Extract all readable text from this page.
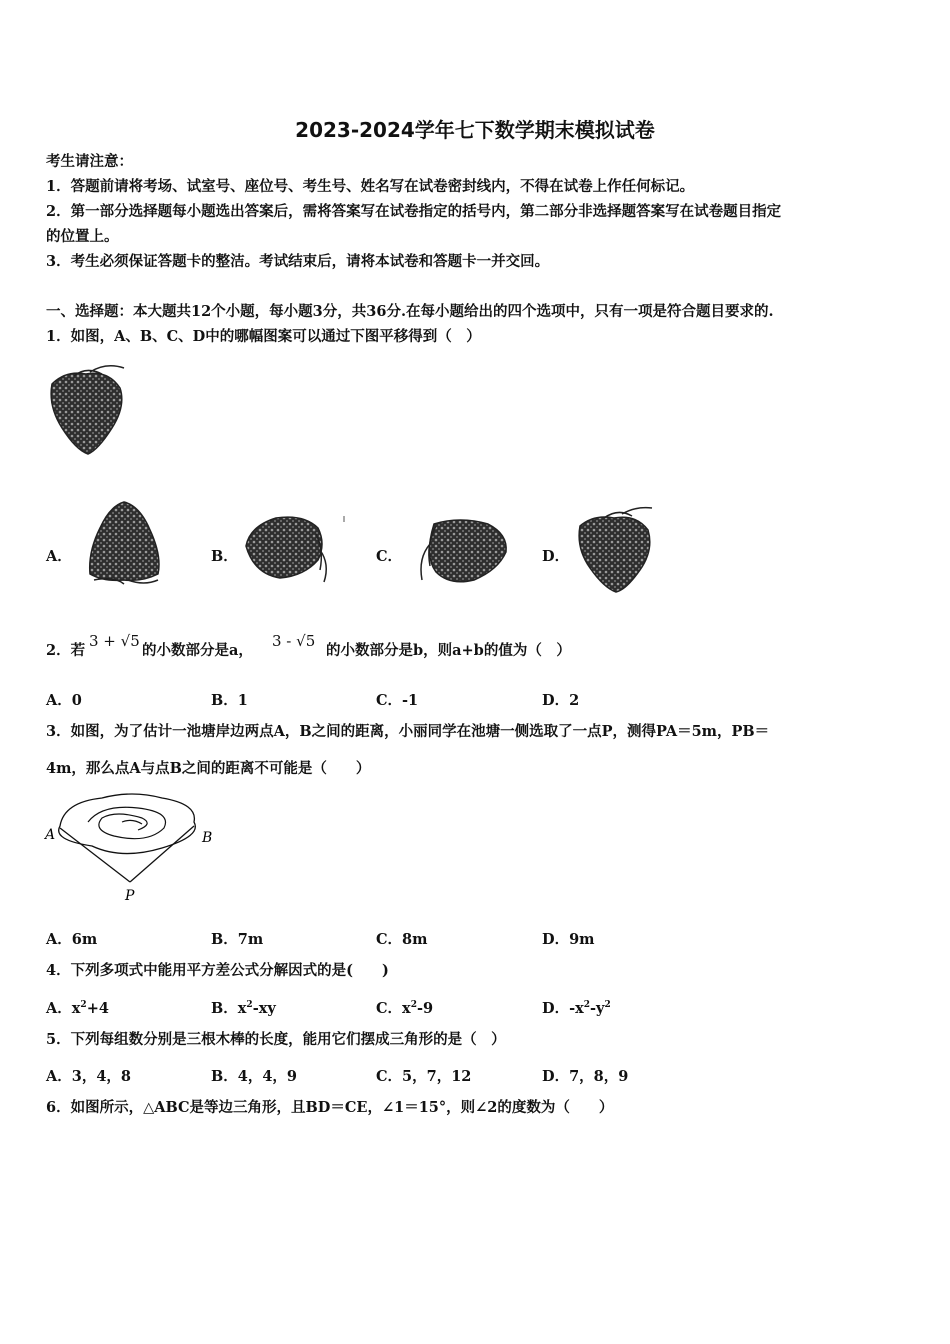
2023-2024学年七下数学期末模拟试卷
考生请注意：
1．答题前请将考场、试室号、座位号、考生号、姓名写在试卷密封线内，不得在试卷上作任何标记。
2．第一部分选择题每小题选出答案后，需将答案写在试卷指定的括号内，第二部分非选择题答案写在试卷题目指定
的位置上。
3．考生必须保证答题卡的整洁。考试结束后，请将本试卷和答题卡一并交回。
一、选择题：本大题共12个小题，每小题3分，共36分.在每小题给出的四个选项中，只有一项是符合题目要求的.
1．如图，A、B、C、D中的哪幅图案可以通过下图平移得到（　）
A．	B．	C．	D．
2．若
3 + √5
的小数部分是a，
3 - √5
的小数部分是b，则a+b的值为（　）
A．0	B．1	C．-1	D．2
3．如图，为了估计一池塘岸边两点A，B之间的距离，小丽同学在池塘一侧选取了一点P，测得PA＝5m，PB＝
4m，那么点A与点B之间的距离不可能是（　　）
A	B
P
A．6m	B．7m	C．8m	D．9m
4．下列多项式中能用平方差公式分解因式的是(　　)
A．$x^2+4$	B．$x^2-xy$	C．$x^2-9$	D．$-x^2-y^2$
5．下列每组数分别是三根木棒的长度，能用它们摆成三角形的是（　）
A．3，4，8	B．4，4，9	C．5，7，12	D．7，8，9
6．如图所示，△ABC是等边三角形，且BD＝CE，∠1＝15°，则∠2的度数为（　　）
